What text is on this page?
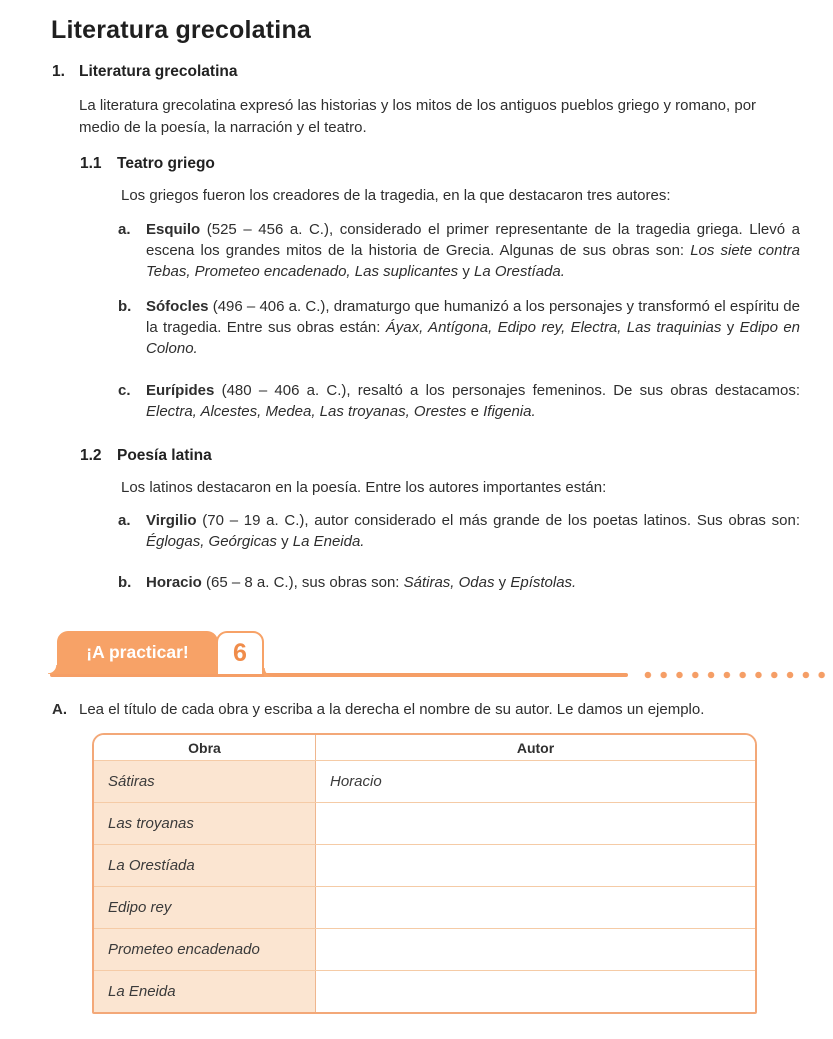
Literatura grecolatina
1. Literatura grecolatina

La literatura grecolatina expresó las historias y los mitos de los antiguos pueblos griego y romano, por medio de la poesía, la narración y el teatro.

1.1 Teatro griego

Los griegos fueron los creadores de la tragedia, en la que destacaron tres autores:

a.	Esquilo (525 – 456 a. C.), considerado el primer representante de la tragedia griega. Llevó a escena los grandes mitos de la historia de Grecia. Algunas de sus obras son: Los siete contra Tebas, Prometeo encadenado, Las suplicantes y La Orestíada.
b. Sófocles (496 – 406 a. C.), dramaturgo que humanizó a los personajes y transformó el espíritu de la tragedia. Entre sus obras están: Áyax, Antígona, Edipo rey, Electra, Las traquinias y Edipo en Colono.
c.	Eurípides (480 – 406 a. C.), resaltó a los personajes femeninos. De sus obras destacamos: Electra, Alcestes, Medea, Las troyanas, Orestes e Ifigenia.
1.2 Poesía latina

Los latinos destacaron en la poesía. Entre los autores importantes están:

a.	Virgilio (70 – 19 a. C.), autor considerado el más grande de los poetas latinos. Sus obras son: Églogas, Geórgicas y La Eneida.
b. Horacio (65 – 8 a. C.), sus obras son: Sátiras, Odas y Epístolas.
¡A practicar! 6
A. Lea el título de cada obra y escriba a la derecha el nombre de su autor. Le damos un ejemplo.
Obra	Autor
Sátiras	Horacio
Las troyanas
La Orestíada
Edipo rey
Prometeo encadenado
La Eneida
